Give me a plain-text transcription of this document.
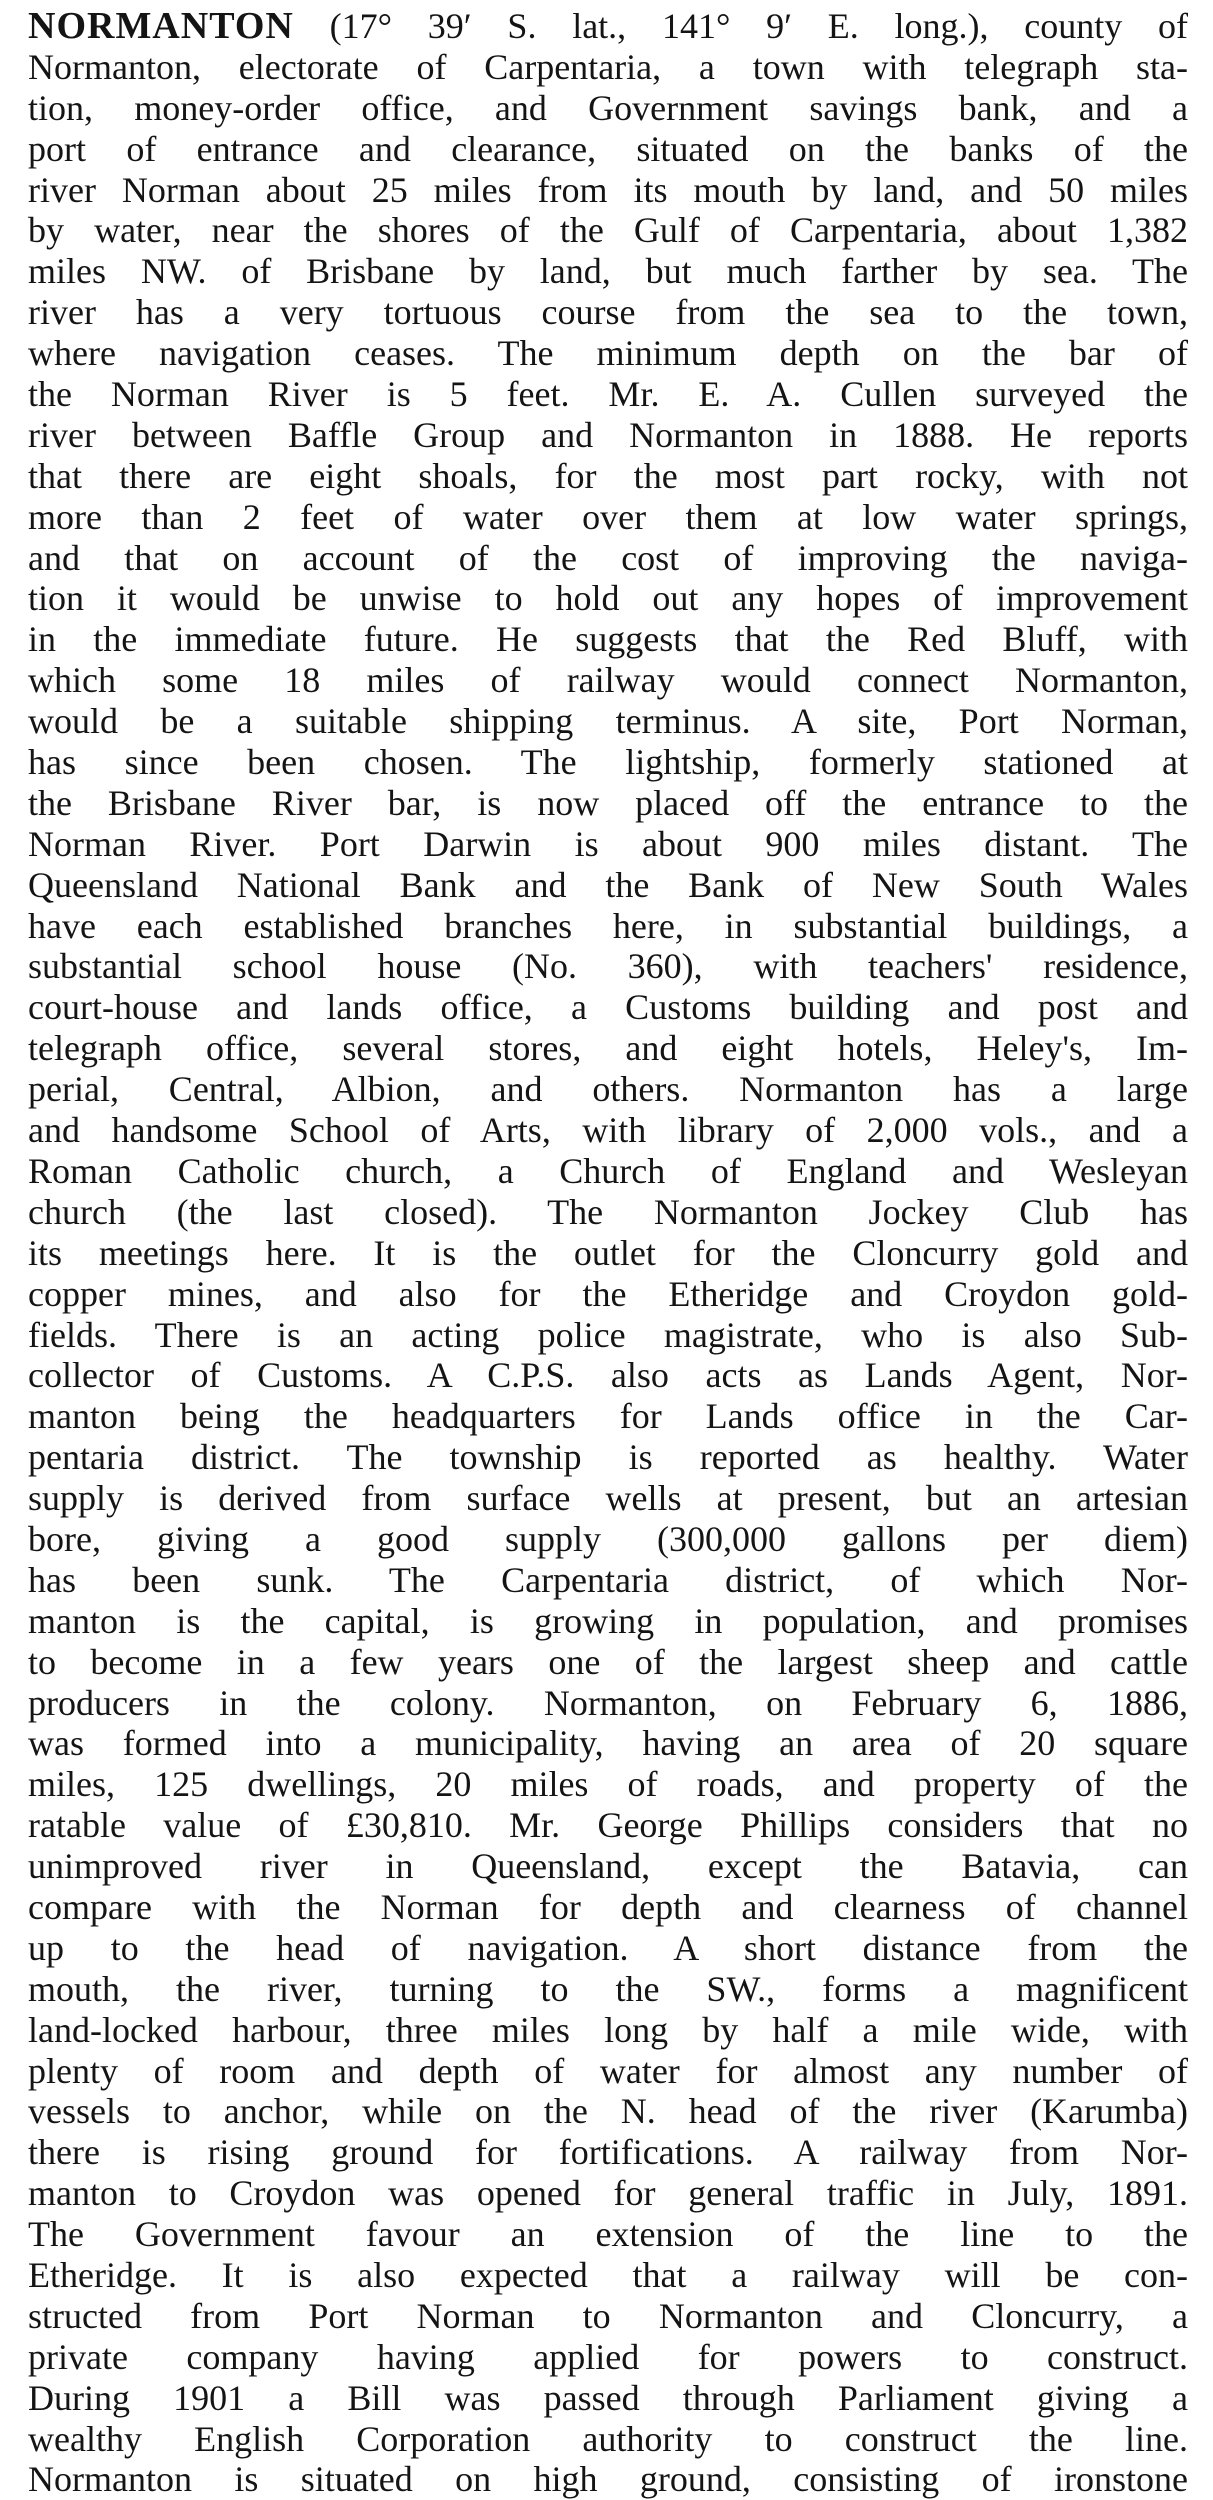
NORMANTON (17° 39′ S. lat., 141° 9′ E. long.), county of
Normanton, electorate of Carpentaria, a town with telegraph sta-
tion, money-order office, and Government savings bank, and a
port of entrance and clearance, situated on the banks of the
river Norman about 25 miles from its mouth by land, and 50 miles
by water, near the shores of the Gulf of Carpentaria, about 1,382
miles NW. of Brisbane by land, but much farther by sea. The
river has a very tortuous course from the sea to the town,
where navigation ceases. The minimum depth on the bar of
the Norman River is 5 feet. Mr. E. A. Cullen surveyed the
river between Baffle Group and Normanton in 1888. He reports
that there are eight shoals, for the most part rocky, with not
more than 2 feet of water over them at low water springs,
and that on account of the cost of improving the naviga-
tion it would be unwise to hold out any hopes of improvement
in the immediate future. He suggests that the Red Bluff, with
which some 18 miles of railway would connect Normanton,
would be a suitable shipping terminus. A site, Port Norman,
has since been chosen. The lightship, formerly stationed at
the Brisbane River bar, is now placed off the entrance to the
Norman River. Port Darwin is about 900 miles distant. The
Queensland National Bank and the Bank of New South Wales
have each established branches here, in substantial buildings, a
substantial school house (No. 360), with teachers' residence,
court-house and lands office, a Customs building and post and
telegraph office, several stores, and eight hotels, Heley's, Im-
perial, Central, Albion, and others. Normanton has a large
and handsome School of Arts, with library of 2,000 vols., and a
Roman Catholic church, a Church of England and Wesleyan
church (the last closed). The Normanton Jockey Club has
its meetings here. It is the outlet for the Cloncurry gold and
copper mines, and also for the Etheridge and Croydon gold-
fields. There is an acting police magistrate, who is also Sub-
collector of Customs. A C.P.S. also acts as Lands Agent, Nor-
manton being the headquarters for Lands office in the Car-
pentaria district. The township is reported as healthy. Water
supply is derived from surface wells at present, but an artesian
bore, giving a good supply (300,000 gallons per diem)
has been sunk. The Carpentaria district, of which Nor-
manton is the capital, is growing in population, and promises
to become in a few years one of the largest sheep and cattle
producers in the colony. Normanton, on February 6, 1886,
was formed into a municipality, having an area of 20 square
miles, 125 dwellings, 20 miles of roads, and property of the
ratable value of £30,810. Mr. George Phillips considers that no
unimproved river in Queensland, except the Batavia, can
compare with the Norman for depth and clearness of channel
up to the head of navigation. A short distance from the
mouth, the river, turning to the SW., forms a magnificent
land-locked harbour, three miles long by half a mile wide, with
plenty of room and depth of water for almost any number of
vessels to anchor, while on the N. head of the river (Karumba)
there is rising ground for fortifications. A railway from Nor-
manton to Croydon was opened for general traffic in July, 1891.
The Government favour an extension of the line to the
Etheridge. It is also expected that a railway will be con-
structed from Port Norman to Normanton and Cloncurry, a
private company having applied for powers to construct.
During 1901 a Bill was passed through Parliament giving a
wealthy English Corporation authority to construct the line.
Normanton is situated on high ground, consisting of ironstone
